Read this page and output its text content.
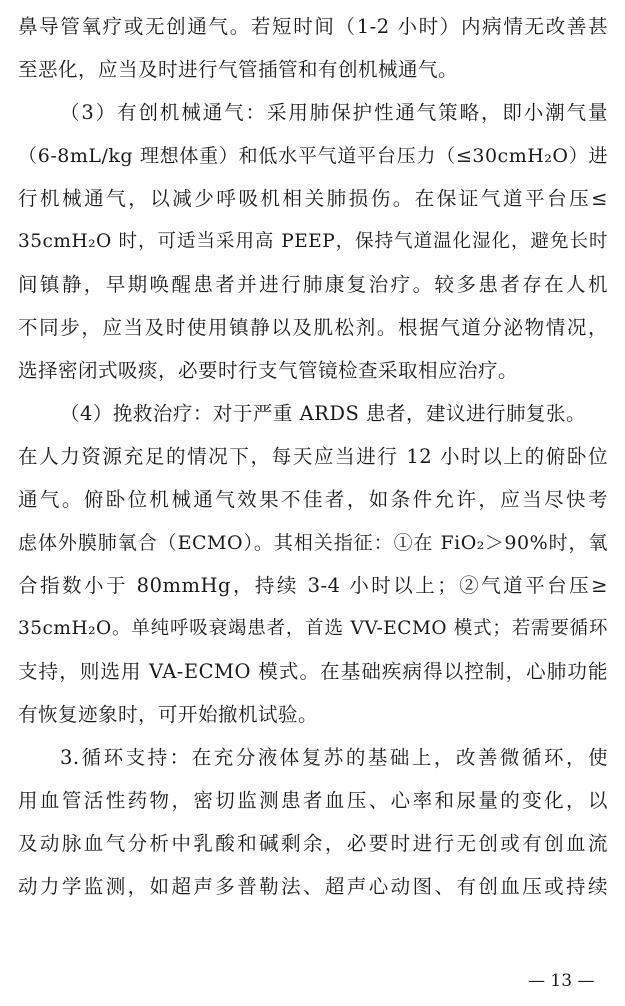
鼻导管氧疗或无创通气。若短时间（1-2 小时）内病情无改善甚
至恶化，应当及时进行气管插管和有创机械通气。
（3）有创机械通气：采用肺保护性通气策略，即小潮气量
（6-8mL/kg 理想体重）和低水平气道平台压力（≤30cmH₂O）进
行机械通气，以减少呼吸机相关肺损伤。在保证气道平台压≤
35cmH₂O 时，可适当采用高 PEEP，保持气道温化湿化，避免长时
间镇静，早期唤醒患者并进行肺康复治疗。较多患者存在人机
不同步，应当及时使用镇静以及肌松剂。根据气道分泌物情况，
选择密闭式吸痰，必要时行支气管镜检查采取相应治疗。
（4）挽救治疗：对于严重 ARDS 患者，建议进行肺复张。
在人力资源充足的情况下，每天应当进行 12 小时以上的俯卧位
通气。俯卧位机械通气效果不佳者，如条件允许，应当尽快考
虑体外膜肺氧合（ECMO）。其相关指征：①在 FiO₂＞90%时，氧
合指数小于 80mmHg，持续 3-4 小时以上；②气道平台压≥
35cmH₂O。单纯呼吸衰竭患者，首选 VV-ECMO 模式；若需要循环
支持，则选用 VA-ECMO 模式。在基础疾病得以控制，心肺功能
有恢复迹象时，可开始撤机试验。
3.循环支持：在充分液体复苏的基础上，改善微循环，使
用血管活性药物，密切监测患者血压、心率和尿量的变化，以
及动脉血气分析中乳酸和碱剩余，必要时进行无创或有创血流
动力学监测，如超声多普勒法、超声心动图、有创血压或持续
— 13 —
